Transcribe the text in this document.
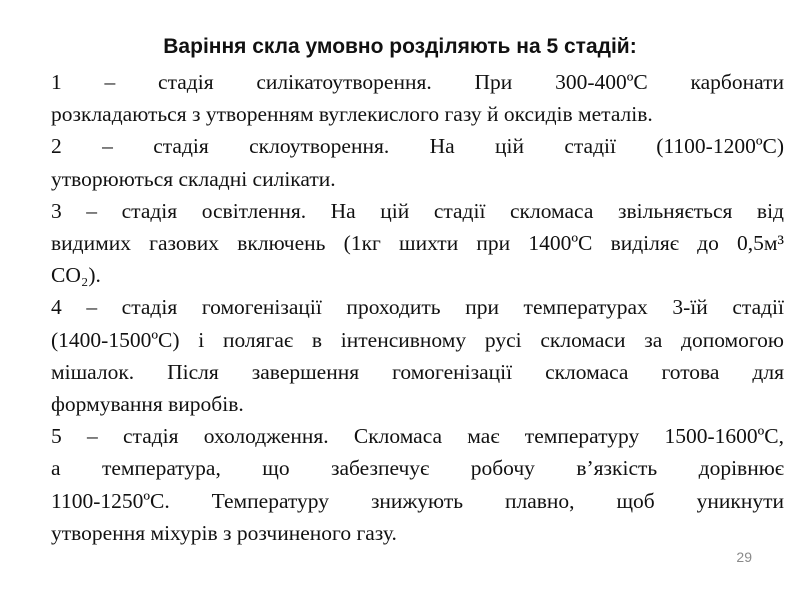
Варіння скла умовно розділяють на 5 стадій:

1 – стадія силікатоутворення. При 300-400ºС карбонати
розкладаються з утворенням вуглекислого газу й оксидів металів.

2 – стадія склоутворення. На цій стадії (1100-1200ºС)
утворюються складні силікати.

3 – стадія освітлення. На цій стадії скломаса звільняється від
видимих газових включень (1кг шихти при 1400ºС виділяє до 0,5м³
СО₂).

4 – стадія гомогенізації проходить при температурах 3-їй стадії
(1400-1500ºС) і полягає в інтенсивному русі скломаси за допомогою
мішалок. Після завершення гомогенізації скломаса готова для
формування виробів.

5 – стадія охолодження. Скломаса має температуру 1500-1600ºС,
а температура, що забезпечує робочу в’язкість дорівнює
1100-1250ºС. Температуру знижують плавно, щоб уникнути
утворення міхурів з розчиненого газу.

29
